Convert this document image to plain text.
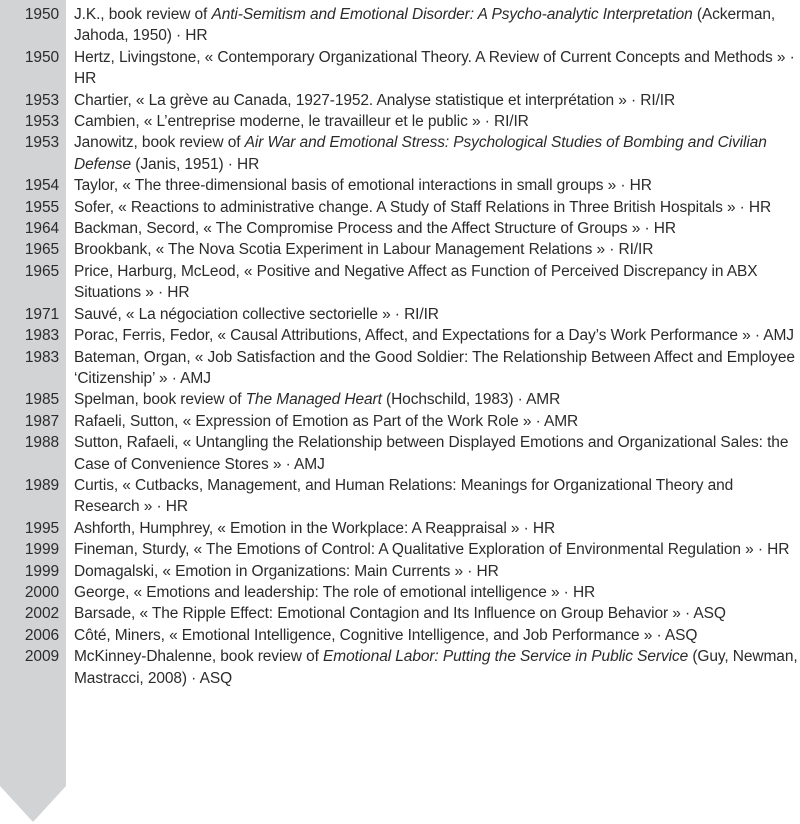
1950 J.K., book review of Anti-Semitism and Emotional Disorder: A Psycho-analytic Interpretation (Ackerman, Jahoda, 1950) · HR
1950 Hertz, Livingstone, « Contemporary Organizational Theory. A Review of Current Concepts and Methods » · HR
1953 Chartier, « La grève au Canada, 1927-1952. Analyse statistique et interprétation » · RI/IR
1953 Cambien, « L’entreprise moderne, le travailleur et le public » · RI/IR
1953 Janowitz, book review of Air War and Emotional Stress: Psychological Studies of Bombing and Civilian Defense (Janis, 1951) · HR
1954 Taylor, « The three-dimensional basis of emotional interactions in small groups » · HR
1955 Sofer, « Reactions to administrative change. A Study of Staff Relations in Three British Hospitals » · HR
1964 Backman, Secord, « The Compromise Process and the Affect Structure of Groups » · HR
1965 Brookbank, « The Nova Scotia Experiment in Labour Management Relations » · RI/IR
1965 Price, Harburg, McLeod, « Positive and Negative Affect as Function of Perceived Discrepancy in ABX Situations » · HR
1971 Sauvé, « La négociation collective sectorielle » · RI/IR
1983 Porac, Ferris, Fedor, « Causal Attributions, Affect, and Expectations for a Day’s Work Performance » · AMJ
1983 Bateman, Organ, « Job Satisfaction and the Good Soldier: The Relationship Between Affect and Employee ‘Citizenship’ » · AMJ
1985 Spelman, book review of The Managed Heart (Hochschild, 1983) · AMR
1987 Rafaeli, Sutton, « Expression of Emotion as Part of the Work Role » · AMR
1988 Sutton, Rafaeli, « Untangling the Relationship between Displayed Emotions and Organizational Sales: the Case of Convenience Stores » · AMJ
1989 Curtis, « Cutbacks, Management, and Human Relations: Meanings for Organizational Theory and Research » · HR
1995 Ashforth, Humphrey, « Emotion in the Workplace: A Reappraisal » · HR
1999 Fineman, Sturdy, « The Emotions of Control: A Qualitative Exploration of Environmental Regulation » · HR
1999 Domagalski, « Emotion in Organizations: Main Currents » · HR
2000 George, « Emotions and leadership: The role of emotional intelligence » · HR
2002 Barsade, « The Ripple Effect: Emotional Contagion and Its Influence on Group Behavior » · ASQ
2006 Côté, Miners, « Emotional Intelligence, Cognitive Intelligence, and Job Performance » · ASQ
2009 McKinney-Dhalenne, book review of Emotional Labor: Putting the Service in Public Service (Guy, Newman, Mastracci, 2008) · ASQ
